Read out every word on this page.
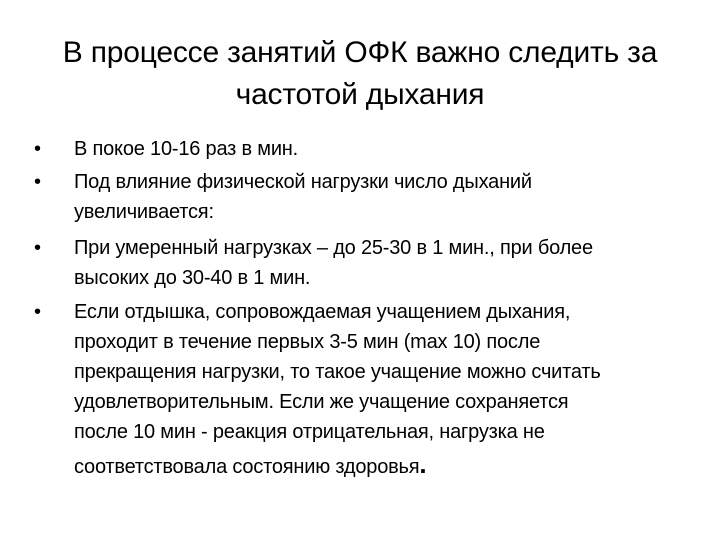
В процессе занятий ОФК важно следить за
частотой дыхания
•	В покое 10-16 раз в мин.
•	Под влияние физической нагрузки число дыханий
увеличивается:
•	При умеренный нагрузках – до 25-30 в 1 мин., при более
высоких до 30-40 в 1 мин.
•	Если отдышка, сопровождаемая учащением дыхания,
проходит в течение первых 3-5 мин (max 10) после
прекращения нагрузки, то такое учащение можно считать
удовлетворительным. Если же учащение сохраняется
после 10 мин - реакция отрицательная, нагрузка не
соответствовала состоянию здоровья.
